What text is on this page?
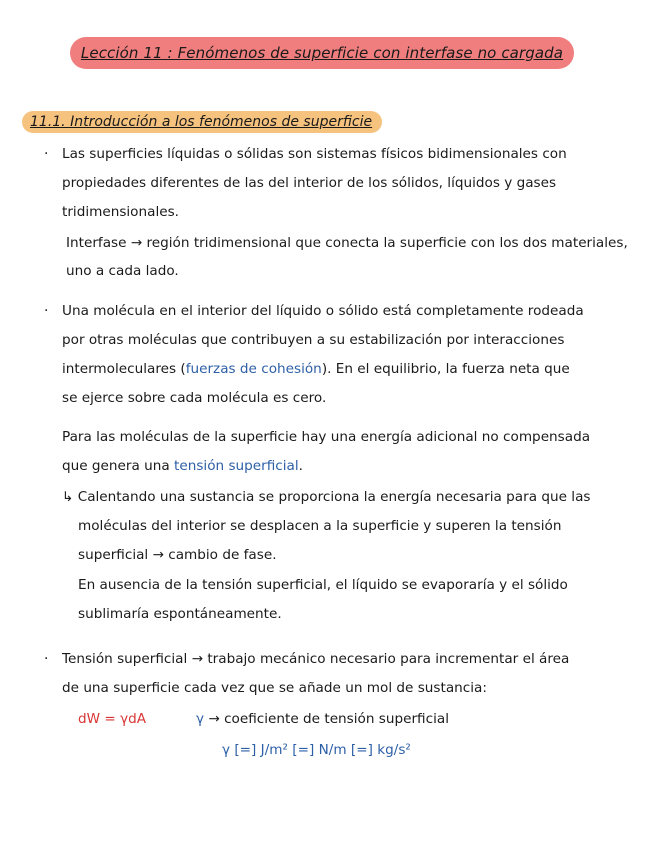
Lección 11 : Fenómenos de superficie con interfase no cargada
11.1. Introducción a los fenómenos de superficie
· Las superficies líquidas o sólidas son sistemas físicos bidimensionales con
propiedades diferentes de las del interior de los sólidos, líquidos y gases
tridimensionales.
Interfase → región tridimensional que conecta la superficie con los dos materiales,
uno a cada lado.
· Una molécula en el interior del líquido o sólido está completamente rodeada
por otras moléculas que contribuyen a su estabilización por interacciones
intermoleculares (fuerzas de cohesión). En el equilibrio, la fuerza neta que
se ejerce sobre cada molécula es cero.
Para las moléculas de la superficie hay una energía adicional no compensada
que genera una tensión superficial.
↳ Calentando una sustancia se proporciona la energía necesaria para que las
moléculas del interior se desplacen a la superficie y superen la tensión
superficial → cambio de fase.
En ausencia de la tensión superficial, el líquido se evaporaría y el sólido
sublimaría espontáneamente.
· Tensión superficial → trabajo mecánico necesario para incrementar el área
de una superficie cada vez que se añade un mol de sustancia:
dW = γdA	γ → coeficiente de tensión superficial
γ [=] J/m² [=] N/m [=] kg/s²
